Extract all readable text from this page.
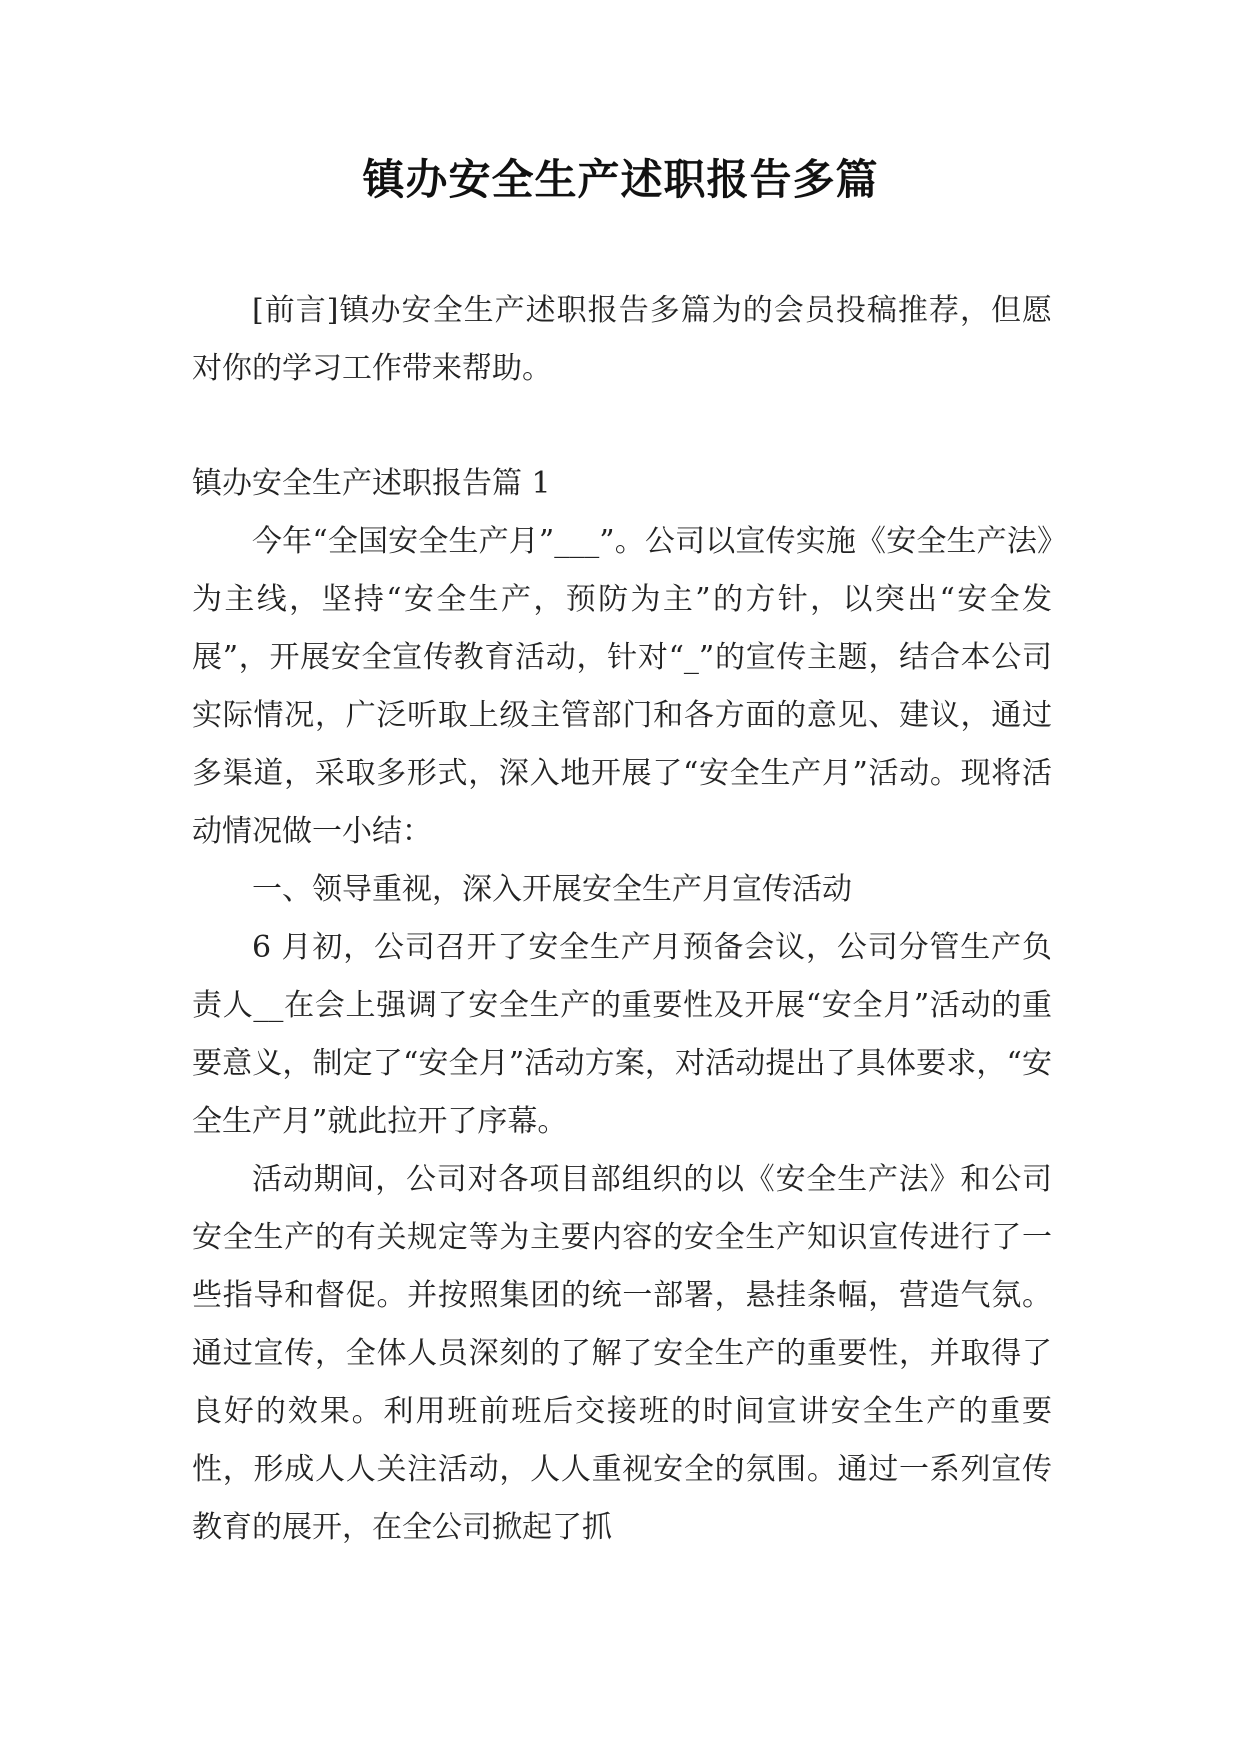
镇办安全生产述职报告多篇

[前言]镇办安全生产述职报告多篇为的会员投稿推荐，但愿对你的学习工作带来帮助。

镇办安全生产述职报告篇 1

今年“全国安全生产月”___”。公司以宣传实施《安全生产法》为主线，坚持“安全生产，预防为主”的方针，以突出“安全发展”，开展安全宣传教育活动，针对“_”的宣传主题，结合本公司实际情况，广泛听取上级主管部门和各方面的意见、建议，通过多渠道，采取多形式，深入地开展了“安全生产月”活动。现将活动情况做一小结：

一、领导重视，深入开展安全生产月宣传活动

6 月初，公司召开了安全生产月预备会议，公司分管生产负责人__在会上强调了安全生产的重要性及开展“安全月”活动的重要意义，制定了“安全月”活动方案，对活动提出了具体要求，“安全生产月”就此拉开了序幕。

活动期间，公司对各项目部组织的以《安全生产法》和公司安全生产的有关规定等为主要内容的安全生产知识宣传进行了一些指导和督促。并按照集团的统一部署，悬挂条幅，营造气氛。通过宣传，全体人员深刻的了解了安全生产的重要性，并取得了良好的效果。利用班前班后交接班的时间宣讲安全生产的重要性，形成人人关注活动，人人重视安全的氛围。通过一系列宣传教育的展开，在全公司掀起了抓
